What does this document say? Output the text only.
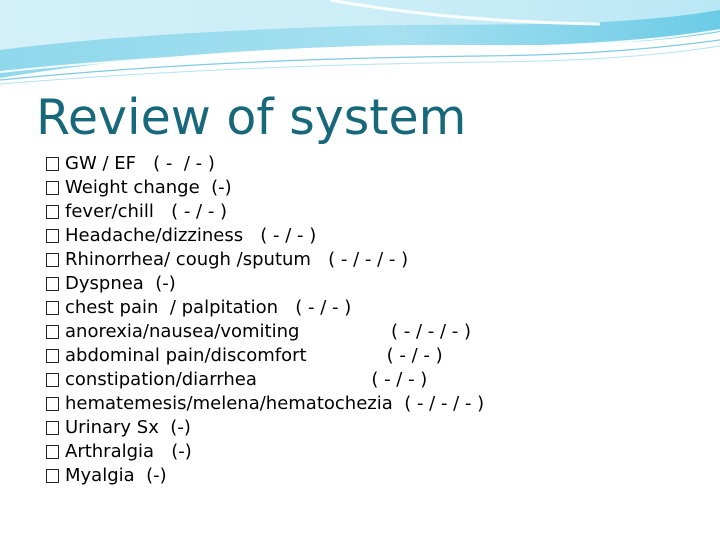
Review of system
GW / EF   ( -  / - )
Weight change  (-)
fever/chill   ( - / - )
Headache/dizziness   ( - / - )
Rhinorrhea/ cough /sputum   ( - / - / - )
Dyspnea  (-)
chest pain  / palpitation   ( - / - )
anorexia/nausea/vomiting                ( - / - / - )
abdominal pain/discomfort              ( - / - )
constipation/diarrhea                    ( - / - )
hematemesis/melena/hematochezia  ( - / - / - )
Urinary Sx  (-)
Arthralgia   (-)
Myalgia  (-)
